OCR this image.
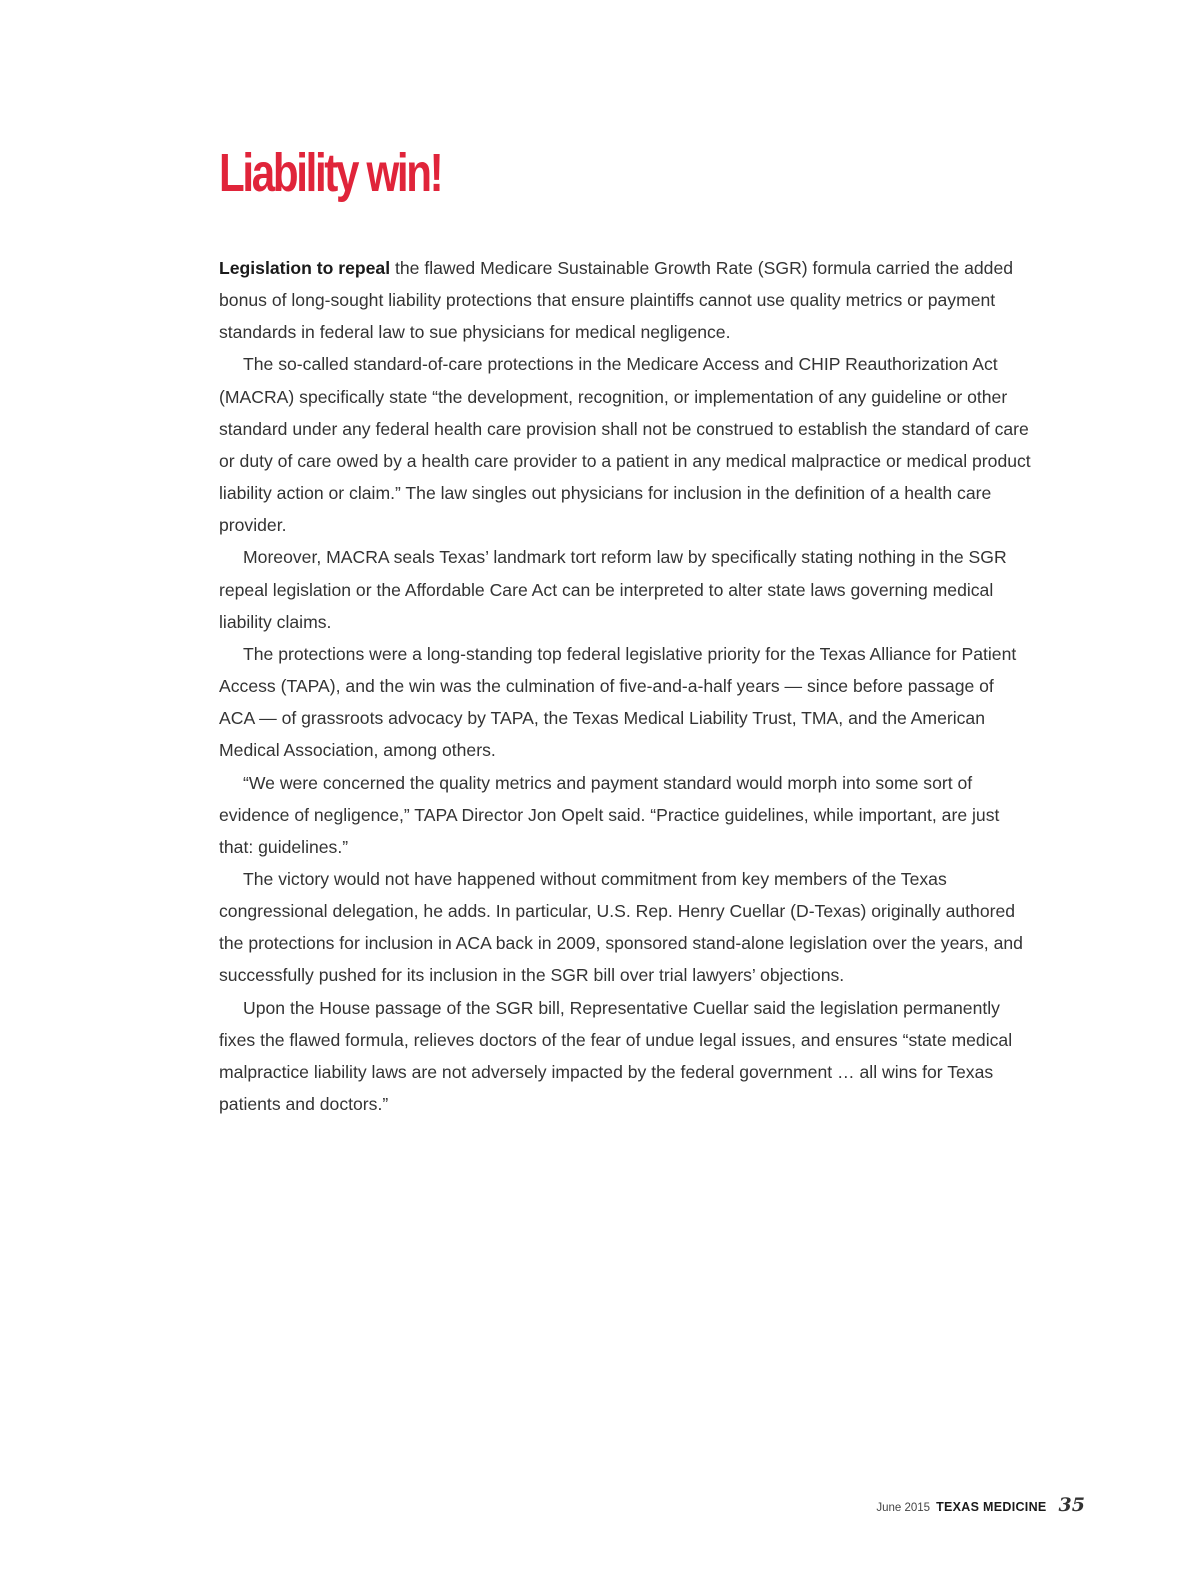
Liability win!

Legislation to repeal the flawed Medicare Sustainable Growth Rate (SGR) formula carried the added bonus of long-sought liability protections that ensure plaintiffs cannot use quality metrics or payment standards in federal law to sue physicians for medical negligence.

The so-called standard-of-care protections in the Medicare Access and CHIP Reauthorization Act (MACRA) specifically state “the development, recognition, or implementation of any guideline or other standard under any federal health care provision shall not be construed to establish the standard of care or duty of care owed by a health care provider to a patient in any medical malpractice or medical product liability action or claim.” The law singles out physicians for inclusion in the definition of a health care provider.

Moreover, MACRA seals Texas’ landmark tort reform law by specifically stating nothing in the SGR repeal legislation or the Affordable Care Act can be interpreted to alter state laws governing medical liability claims.

The protections were a long-standing top federal legislative priority for the Texas Alliance for Patient Access (TAPA), and the win was the culmination of five-and-a-half years — since before passage of ACA — of grassroots advocacy by TAPA, the Texas Medical Liability Trust, TMA, and the American Medical Association, among others.

“We were concerned the quality metrics and payment standard would morph into some sort of evidence of negligence,” TAPA Director Jon Opelt said. “Practice guidelines, while important, are just that: guidelines.”

The victory would not have happened without commitment from key members of the Texas congressional delegation, he adds. In particular, U.S. Rep. Henry Cuellar (D-Texas) originally authored the protections for inclusion in ACA back in 2009, sponsored stand-alone legislation over the years, and successfully pushed for its inclusion in the SGR bill over trial lawyers’ objections.

Upon the House passage of the SGR bill, Representative Cuellar said the legislation permanently fixes the flawed formula, relieves doctors of the fear of undue legal issues, and ensures “state medical malpractice liability laws are not adversely impacted by the federal government … all wins for Texas patients and doctors.”

June 2015 TEXAS MEDICINE 35
